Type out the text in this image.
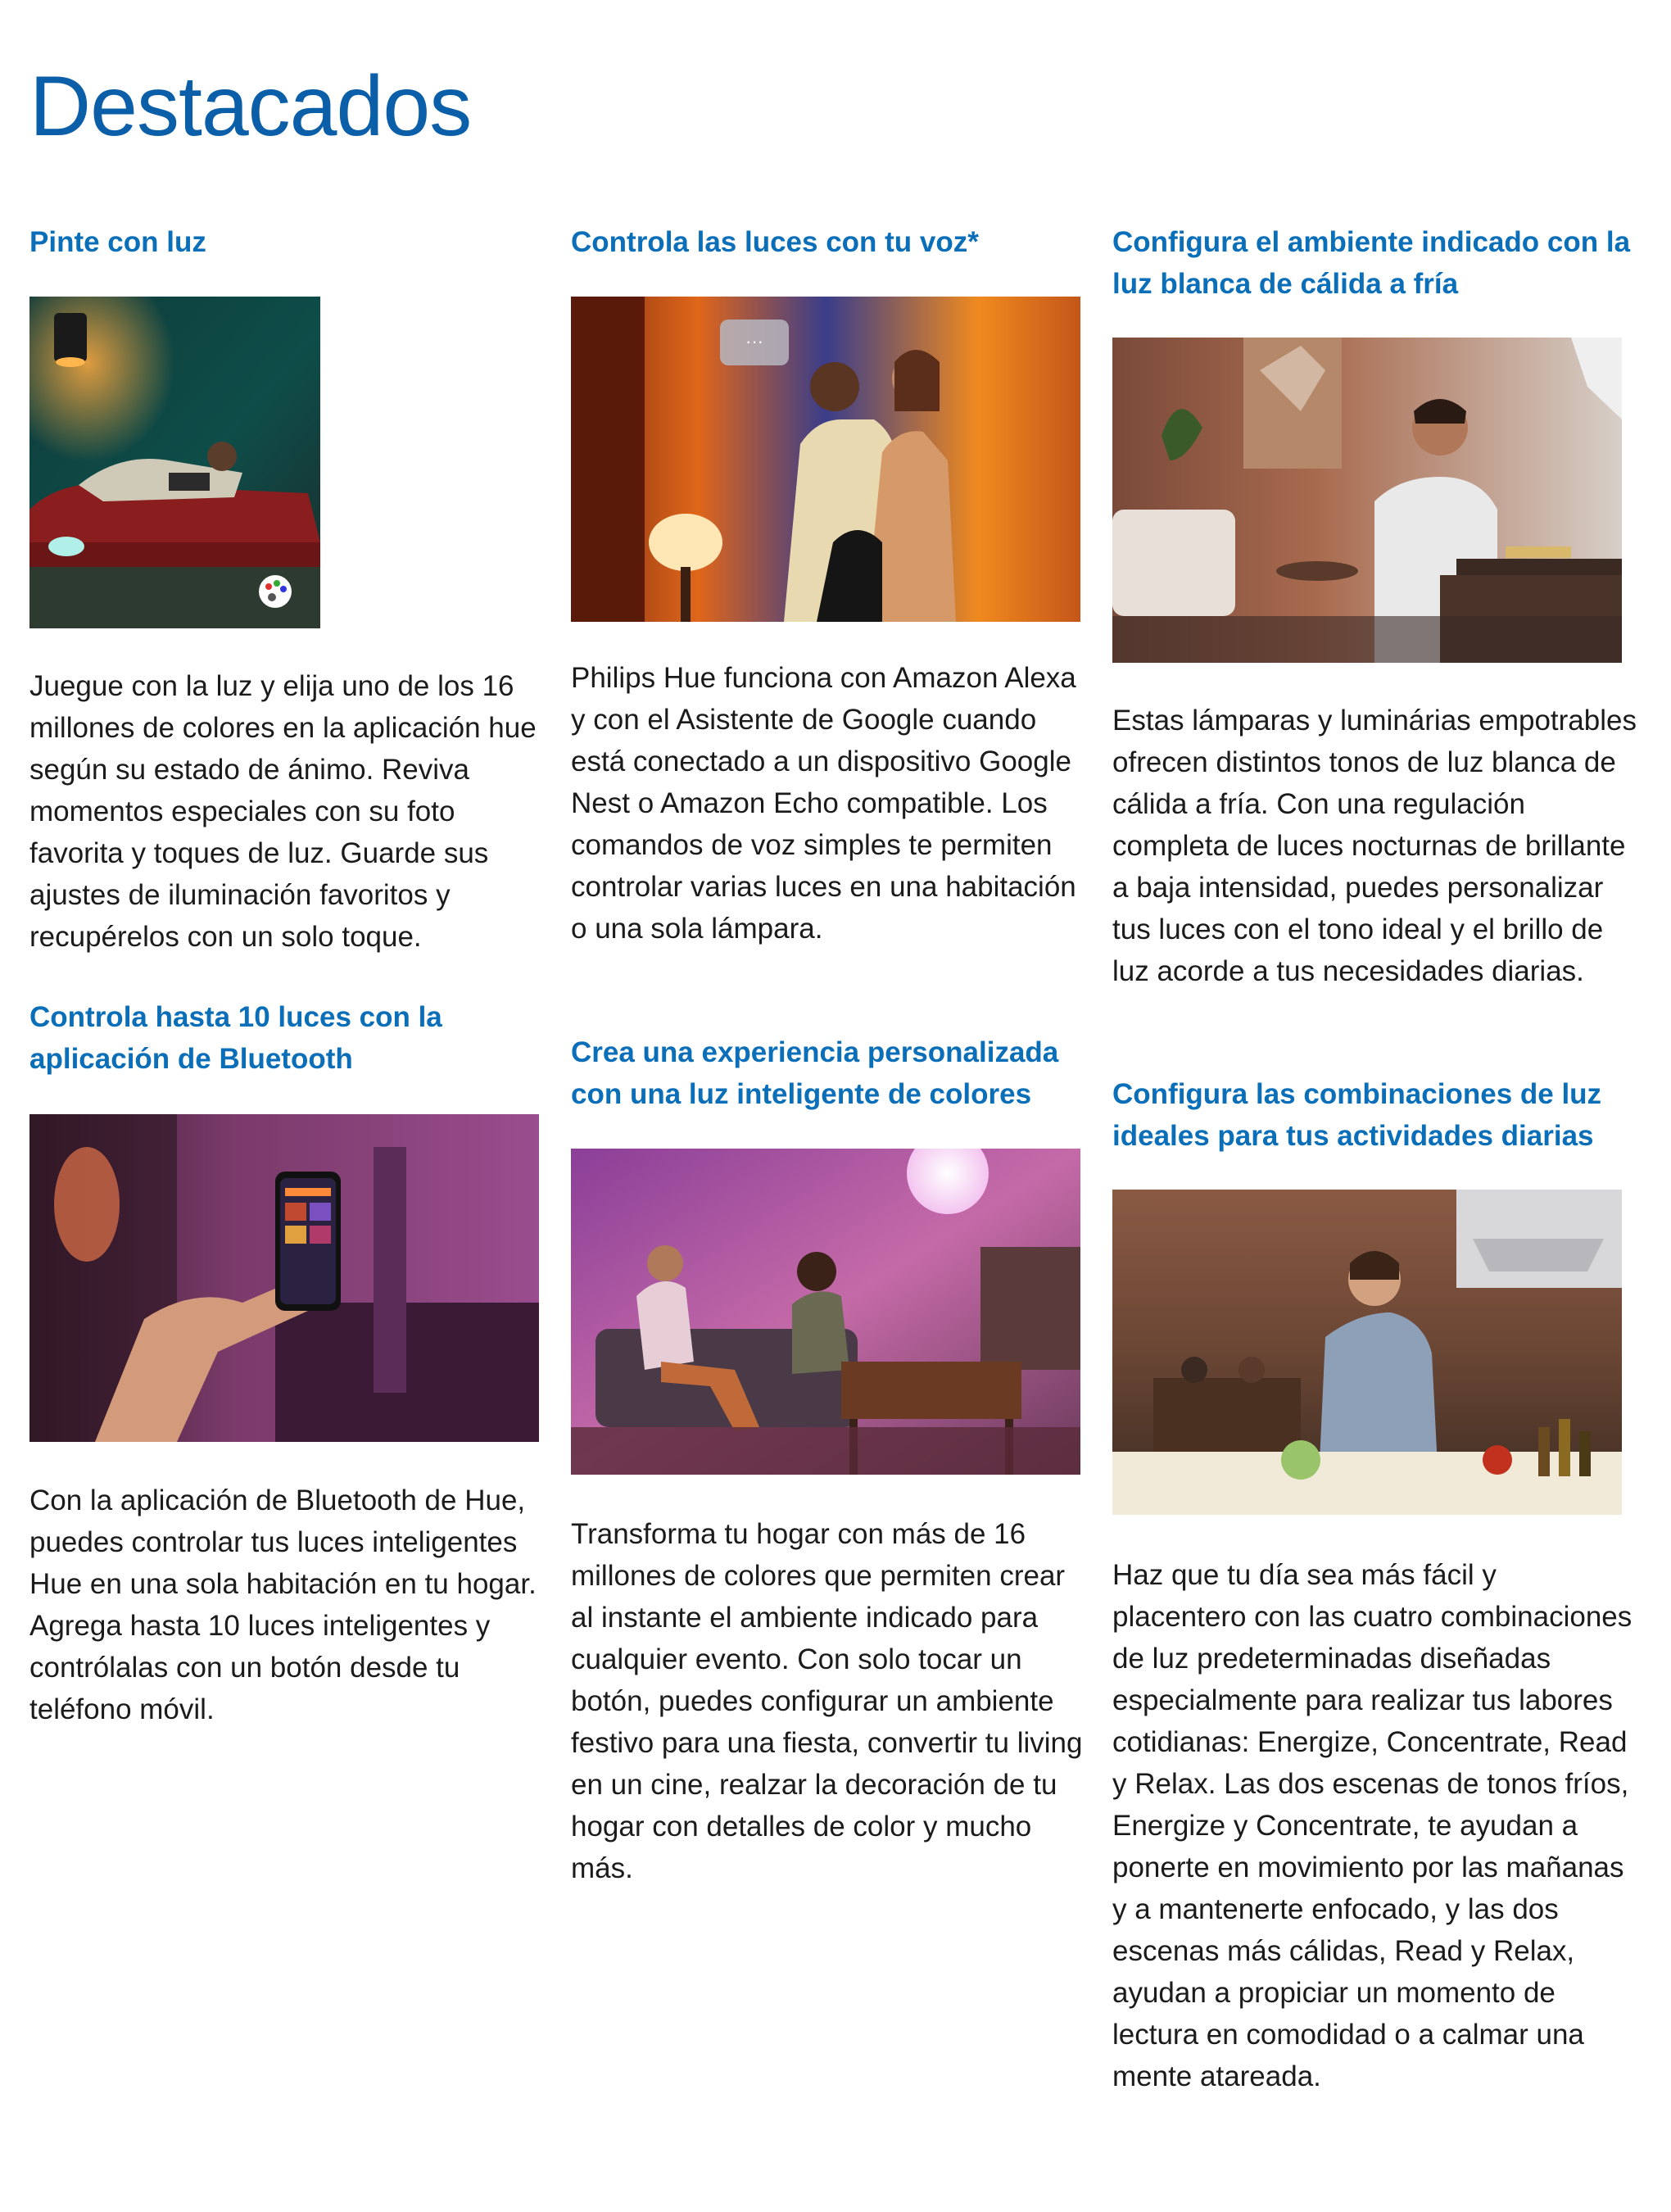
Destacados
Pinte con luz

Juegue con la luz y elija uno de los 16 millones de colores en la aplicación hue según su estado de ánimo. Reviva momentos especiales con su foto favorita y toques de luz. Guarde sus ajustes de iluminación favoritos y recupérelos con un solo toque.

Controla hasta 10 luces con la aplicación de Bluetooth

Con la aplicación de Bluetooth de Hue, puedes controlar tus luces inteligentes Hue en una sola habitación en tu hogar. Agrega hasta 10 luces inteligentes y contrólalas con un botón desde tu teléfono móvil.

Controla las luces con tu voz*
···

Philips Hue funciona con Amazon Alexa y con el Asistente de Google cuando está conectado a un dispositivo Google Nest o Amazon Echo compatible. Los comandos de voz simples te permiten controlar varias luces en una habitación o una sola lámpara.

Crea una experiencia personalizada con una luz inteligente de colores

Transforma tu hogar con más de 16 millones de colores que permiten crear al instante el ambiente indicado para cualquier evento. Con solo tocar un botón, puedes configurar un ambiente festivo para una fiesta, convertir tu living en un cine, realzar la decoración de tu hogar con detalles de color y mucho más.

Configura el ambiente indicado con la luz blanca de cálida a fría

Estas lámparas y luminárias empotrables ofrecen distintos tonos de luz blanca de cálida a fría. Con una regulación completa de luces nocturnas de brillante a baja intensidad, puedes personalizar tus luces con el tono ideal y el brillo de luz acorde a tus necesidades diarias.

Configura las combinaciones de luz ideales para tus actividades diarias

Haz que tu día sea más fácil y placentero con las cuatro combinaciones de luz predeterminadas diseñadas especialmente para realizar tus labores cotidianas: Energize, Concentrate, Read y Relax. Las dos escenas de tonos fríos, Energize y Concentrate, te ayudan a ponerte en movimiento por las mañanas y a mantenerte enfocado, y las dos escenas más cálidas, Read y Relax, ayudan a propiciar un momento de lectura en comodidad o a calmar una mente atareada.
